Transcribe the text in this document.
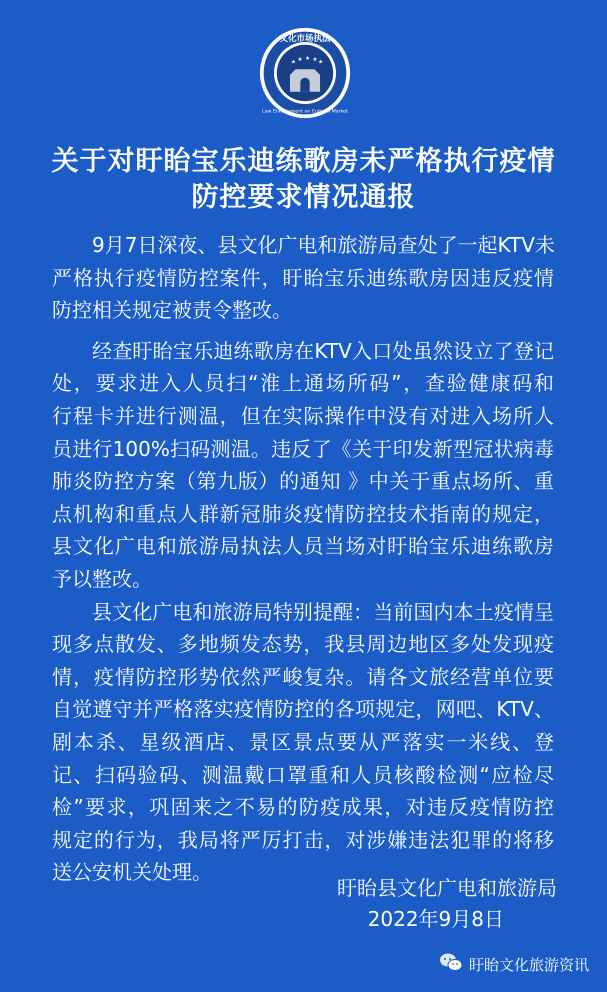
文化市场执法
★ ★ ★ ★ ★
Law Enforcement on Cultural Market
关于对盱眙宝乐迪练歌房未严格执行疫情
防控要求情况通报
9月7日深夜、县文化广电和旅游局查处了一起KTV未
严格执行疫情防控案件，盱眙宝乐迪练歌房因违反疫情
防控相关规定被责令整改。
经查盱眙宝乐迪练歌房在KTV入口处虽然设立了登记
处，要求进入人员扫“淮上通场所码”，查验健康码和
行程卡并进行测温，但在实际操作中没有对进入场所人
员进行100%扫码测温。违反了《关于印发新型冠状病毒
肺炎防控方案（第九版）的通知 》中关于重点场所、重
点机构和重点人群新冠肺炎疫情防控技术指南的规定，
县文化广电和旅游局执法人员当场对盱眙宝乐迪练歌房
予以整改。
县文化广电和旅游局特别提醒：当前国内本土疫情呈
现多点散发、多地频发态势，我县周边地区多处发现疫
情，疫情防控形势依然严峻复杂。请各文旅经营单位要
自觉遵守并严格落实疫情防控的各项规定，网吧、KTV、
剧本杀、星级酒店、景区景点要从严落实一米线、登
记、扫码验码、测温戴口罩重和人员核酸检测“应检尽
检”要求，巩固来之不易的防疫成果，对违反疫情防控
规定的行为，我局将严厉打击，对涉嫌违法犯罪的将移
送公安机关处理。
盱眙县文化广电和旅游局
2022年9月8日
盱眙文化旅游资讯
